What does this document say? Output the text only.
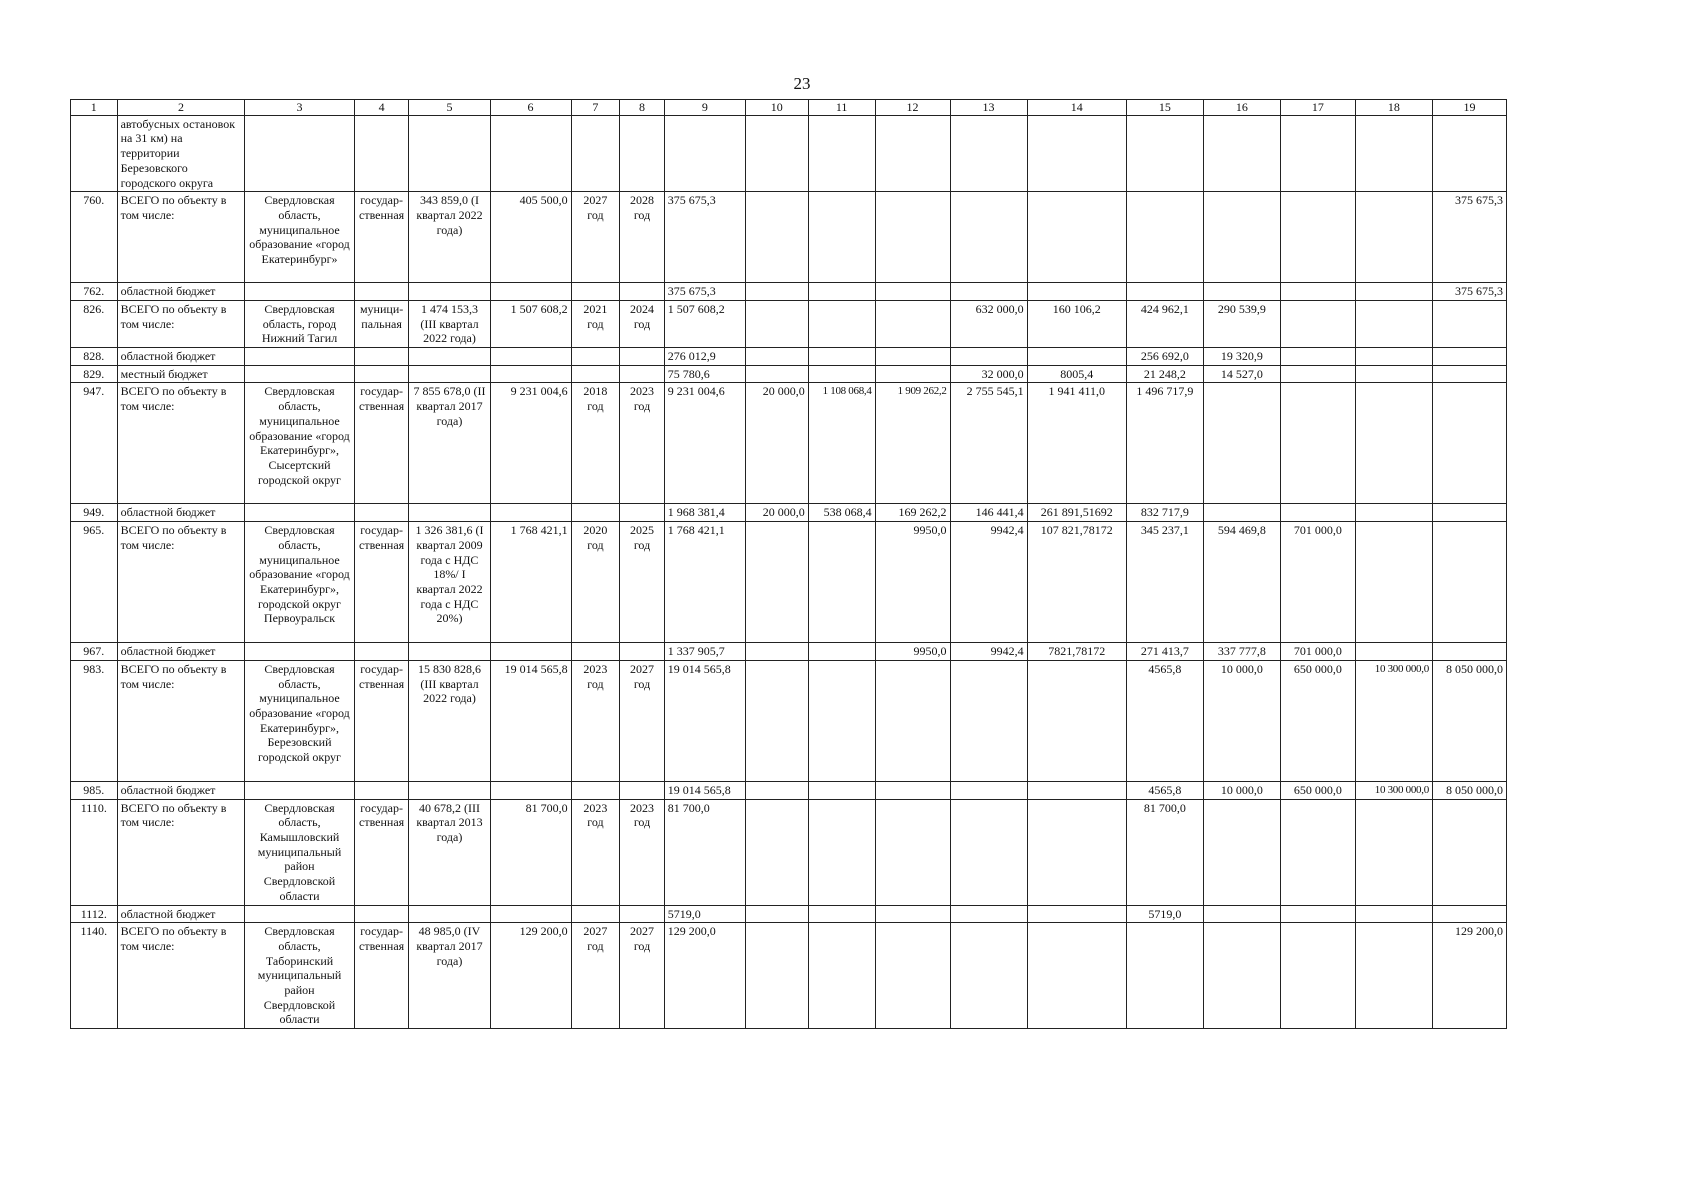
23
1	2	3	4	5	6	7	8	9	10	11	12	13	14	15	16	17	18	19
	автобусных остановок на 31 км) на территории Березовского городского округа																	
760.	ВСЕГО по объекту в том числе:	Свердловская область, муниципальное образование «город Екатеринбург»	государ-ственная	343 859,0 (I квартал 2022 года)	405 500,0	2027 год	2028 год	375 675,3										375 675,3
762.	областной бюджет							375 675,3										375 675,3
826.	ВСЕГО по объекту в том числе:	Свердловская область, город Нижний Тагил	муници-пальная	1 474 153,3 (III квартал 2022 года)	1 507 608,2	2021 год	2024 год	1 507 608,2				632 000,0	160 106,2	424 962,1	290 539,9			
828.	областной бюджет							276 012,9						256 692,0	19 320,9			
829.	местный бюджет							75 780,6				32 000,0	8005,4	21 248,2	14 527,0			
947.	ВСЕГО по объекту в том числе:	Свердловская область, муниципальное образование «город Екатеринбург», Сысертский городской округ	государ-ственная	7 855 678,0 (II квартал 2017 года)	9 231 004,6	2018 год	2023 год	9 231 004,6	20 000,0	1 108 068,4	1 909 262,2	2 755 545,1	1 941 411,0	1 496 717,9				
949.	областной бюджет							1 968 381,4	20 000,0	538 068,4	169 262,2	146 441,4	261 891,51692	832 717,9				
965.	ВСЕГО по объекту в том числе:	Свердловская область, муниципальное образование «город Екатеринбург», городской округ Первоуральск	государ-ственная	1 326 381,6 (I квартал 2009 года с НДС 18%/ I квартал 2022 года с НДС 20%)	1 768 421,1	2020 год	2025 год	1 768 421,1			9950,0	9942,4	107 821,78172	345 237,1	594 469,8	701 000,0		
967.	областной бюджет							1 337 905,7			9950,0	9942,4	7821,78172	271 413,7	337 777,8	701 000,0		
983.	ВСЕГО по объекту в том числе:	Свердловская область, муниципальное образование «город Екатеринбург», Березовский городской округ	государ-ственная	15 830 828,6 (III квартал 2022 года)	19 014 565,8	2023 год	2027 год	19 014 565,8						4565,8	10 000,0	650 000,0	10 300 000,0	8 050 000,0
985.	областной бюджет							19 014 565,8						4565,8	10 000,0	650 000,0	10 300 000,0	8 050 000,0
1110.	ВСЕГО по объекту в том числе:	Свердловская область, Камышловский муниципальный район Свердловской области	государ-ственная	40 678,2 (III квартал 2013 года)	81 700,0	2023 год	2023 год	81 700,0						81 700,0				
1112.	областной бюджет							5719,0						5719,0				
1140.	ВСЕГО по объекту в том числе:	Свердловская область, Таборинский муниципальный район Свердловской области	государ-ственная	48 985,0 (IV квартал 2017 года)	129 200,0	2027 год	2027 год	129 200,0										129 200,0
